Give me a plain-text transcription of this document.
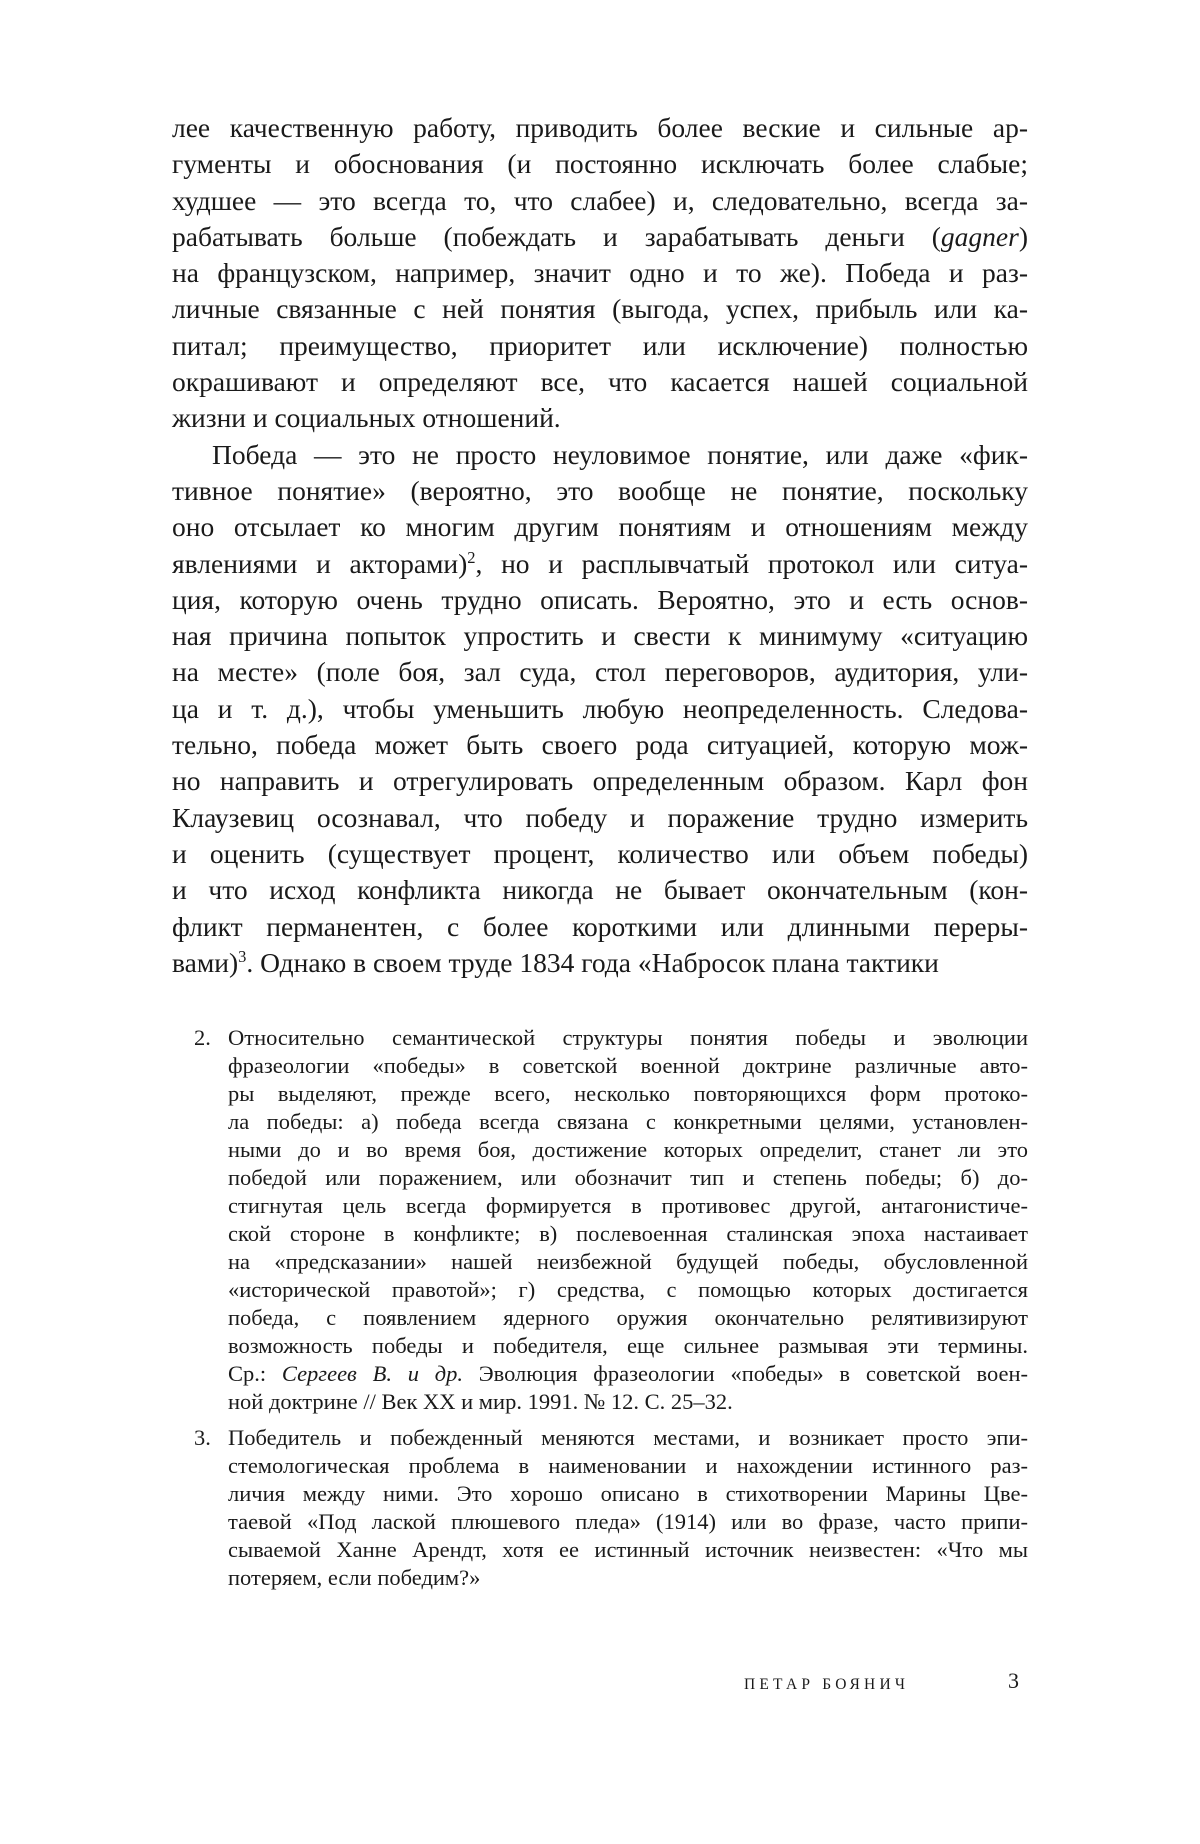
лее качественную работу, приводить более веские и сильные ар-
гументы и обоснования (и постоянно исключать более слабые;
худшее — это всегда то, что слабее) и, следовательно, всегда за-
рабатывать больше (побеждать и зарабатывать деньги (gagner)
на французском, например, значит одно и то же). Победа и раз-
личные связанные с ней понятия (выгода, успех, прибыль или ка-
питал; преимущество, приоритет или исключение) полностью
окрашивают и определяют все, что касается нашей социальной
жизни и социальных отношений.

Победа — это не просто неуловимое понятие, или даже «фик-
тивное понятие» (вероятно, это вообще не понятие, поскольку
оно отсылает ко многим другим понятиям и отношениям между
явлениями и акторами)$^2$, но и расплывчатый протокол или ситуа-
ция, которую очень трудно описать. Вероятно, это и есть основ-
ная причина попыток упростить и свести к минимуму «ситуацию
на месте» (поле боя, зал суда, стол переговоров, аудитория, ули-
ца и т. д.), чтобы уменьшить любую неопределенность. Следова-
тельно, победа может быть своего рода ситуацией, которую мож-
но направить и отрегулировать определенным образом. Карл фон
Клаузевиц осознавал, что победу и поражение трудно измерить
и оценить (существует процент, количество или объем победы)
и что исход конфликта никогда не бывает окончательным (кон-
фликт перманентен, с более короткими или длинными переры-
вами)$^3$. Однако в своем труде 1834 года «Набросок плана тактики

2. Относительно семантической структуры понятия победы и эволюции
фразеологии «победы» в советской военной доктрине различные авто-
ры выделяют, прежде всего, несколько повторяющихся форм протоко-
ла победы: а) победа всегда связана с конкретными целями, установлен-
ными до и во время боя, достижение которых определит, станет ли это
победой или поражением, или обозначит тип и степень победы; б) до-
стигнутая цель всегда формируется в противовес другой, антагонистиче-
ской стороне в конфликте; в) послевоенная сталинская эпоха настаивает
на «предсказании» нашей неизбежной будущей победы, обусловленной
«исторической правотой»; г) средства, с помощью которых достигается
победа, с появлением ядерного оружия окончательно релятивизируют
возможность победы и победителя, еще сильнее размывая эти термины.
Ср.: Сергеев В. и др. Эволюция фразеологии «победы» в советской воен-
ной доктрине // Век XX и мир. 1991. № 12. С. 25–32.
3. Победитель и побежденный меняются местами, и возникает просто эпи-
стемологическая проблема в наименовании и нахождении истинного раз-
личия между ними. Это хорошо описано в стихотворении Марины Цве-
таевой «Под лаской плюшевого пледа» (1914) или во фразе, часто припи-
сываемой Ханне Арендт, хотя ее истинный источник неизвестен: «Что мы
потеряем, если победим?»
ПЕТАР БОЯНИЧ	3
